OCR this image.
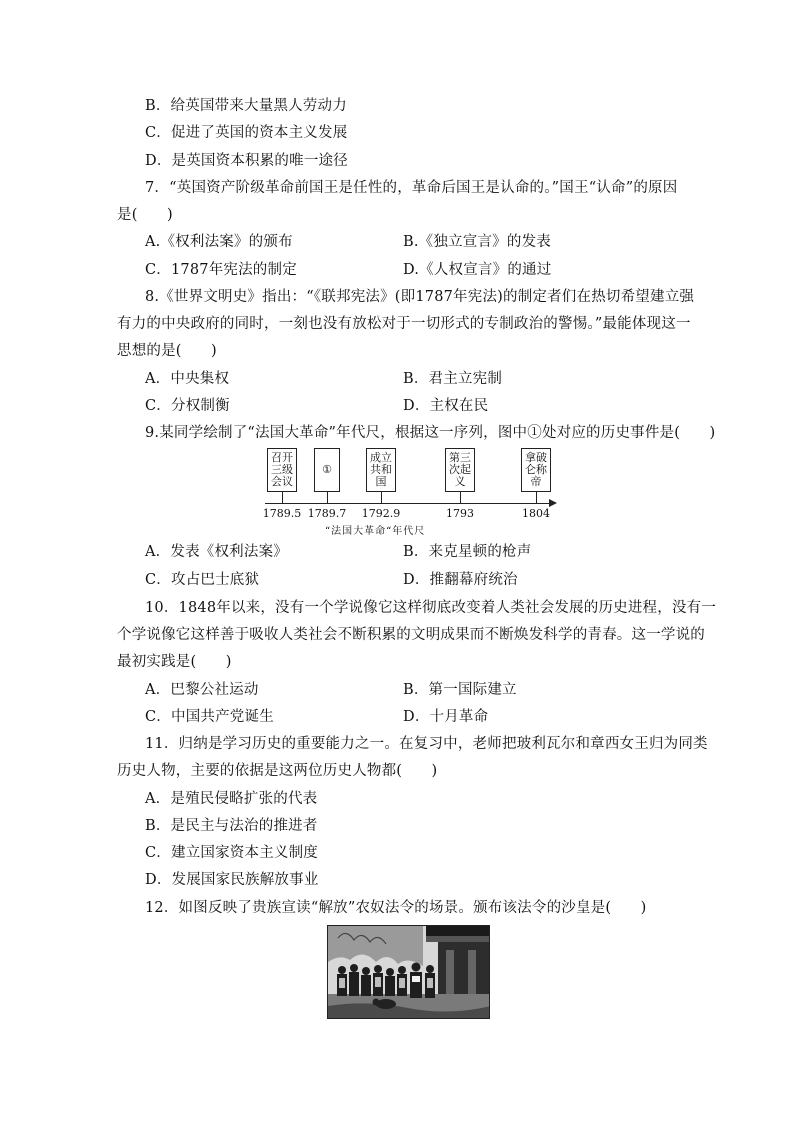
B．给英国带来大量黑人劳动力
C．促进了英国的资本主义发展
D．是英国资本积累的唯一途径
7．“英国资产阶级革命前国王是任性的，革命后国王是认命的。”国王“认命”的原因
是(　　)
A.《权利法案》的颁布	B.《独立宣言》的发表
C．1787年宪法的制定	D.《人权宣言》的通过
8.《世界文明史》指出：“《联邦宪法》(即1787年宪法)的制定者们在热切希望建立强
有力的中央政府的同时，一刻也没有放松对于一切形式的专制政治的警惕。”最能体现这一
思想的是(　　)
A．中央集权	B．君主立宪制
C．分权制衡	D．主权在民
9.某同学绘制了“法国大革命”年代尺，根据这一序列，图中①处对应的历史事件是(　　)
召开三级会议
①
成立共和国
第三次起义
拿破仑称帝
1789.5 1789.7 1792.9	1793	1804
“法国大革命“年代尺
A．发表《权利法案》	B．来克星顿的枪声
C．攻占巴士底狱	D．推翻幕府统治
10．1848年以来，没有一个学说像它这样彻底改变着人类社会发展的历史进程，没有一
个学说像它这样善于吸收人类社会不断积累的文明成果而不断焕发科学的青春。这一学说的
最初实践是(　　)
A．巴黎公社运动	B．第一国际建立
C．中国共产党诞生	D．十月革命
11．归纳是学习历史的重要能力之一。在复习中，老师把玻利瓦尔和章西女王归为同类
历史人物，主要的依据是这两位历史人物都(　　)
A．是殖民侵略扩张的代表
B．是民主与法治的推进者
C．建立国家资本主义制度
D．发展国家民族解放事业
12．如图反映了贵族宣读“解放”农奴法令的场景。颁布该法令的沙皇是(　　)
